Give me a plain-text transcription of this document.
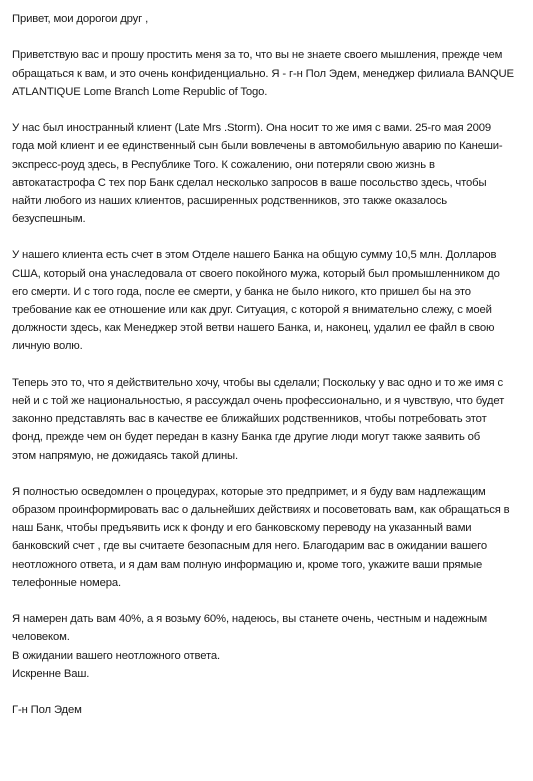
Привет, мои дорогои друг ,
Приветствую вас и прошу простить меня за то, что вы не знаете своего мышления, прежде чем
обращаться к вам, и это очень конфиденциально. Я - г-н Пол Эдем, менеджер филиала BANQUE
ATLANTIQUE Lome Branch Lome Republic of Togo.
У нас был иностранный клиент (Late Mrs .Storm). Она носит то же имя с вами. 25-го мая 2009
года мой клиент и ее единственный сын были вовлечены в автомобильную аварию по Канеши-
экспресс-роуд здесь, в Республике Того. К сожалению, они потеряли свою жизнь в
автокатастрофа С тех пор Банк сделал несколько запросов в ваше посольство здесь, чтобы
найти любого из наших клиентов, расширенных родственников, это также оказалось
безуспешным.
У нашего клиента есть счет в этом Отделе нашего Банка на общую сумму 10,5 млн. Долларов
США, который она унаследовала от своего покойного мужа, который был промышленником до
его смерти. И с того года, после ее смерти, у банка не было никого, кто пришел бы на это
требование как ее отношение или как друг. Ситуация, с которой я внимательно слежу, с моей
должности здесь, как Менеджер этой ветви нашего Банка, и, наконец, удалил ее файл в свою
личную волю.
Теперь это то, что я действительно хочу, чтобы вы сделали; Поскольку у вас одно и то же имя с
ней и с той же национальностью, я рассуждал очень профессионально, и я чувствую, что будет
законно представлять вас в качестве ее ближайших родственников, чтобы потребовать этот
фонд, прежде чем он будет передан в казну Банка где другие люди могут также заявить об
этом напрямую, не дожидаясь такой длины.
Я полностью осведомлен о процедурах, которые это предпримет, и я буду вам надлежащим
образом проинформировать вас о дальнейших действиях и посоветовать вам, как обращаться в
наш Банк, чтобы предъявить иск к фонду и его банковскому переводу на указанный вами
банковский счет , где вы считаете безопасным для него. Благодарим вас в ожидании вашего
неотложного ответа, и я дам вам полную информацию и, кроме того, укажите ваши прямые
телефонные номера.
Я намерен дать вам 40%, а я возьму 60%, надеюсь, вы станете очень, честным и надежным
человеком.
В ожидании вашего неотложного ответа.
Искренне Ваш.
Г-н Пол Эдем
